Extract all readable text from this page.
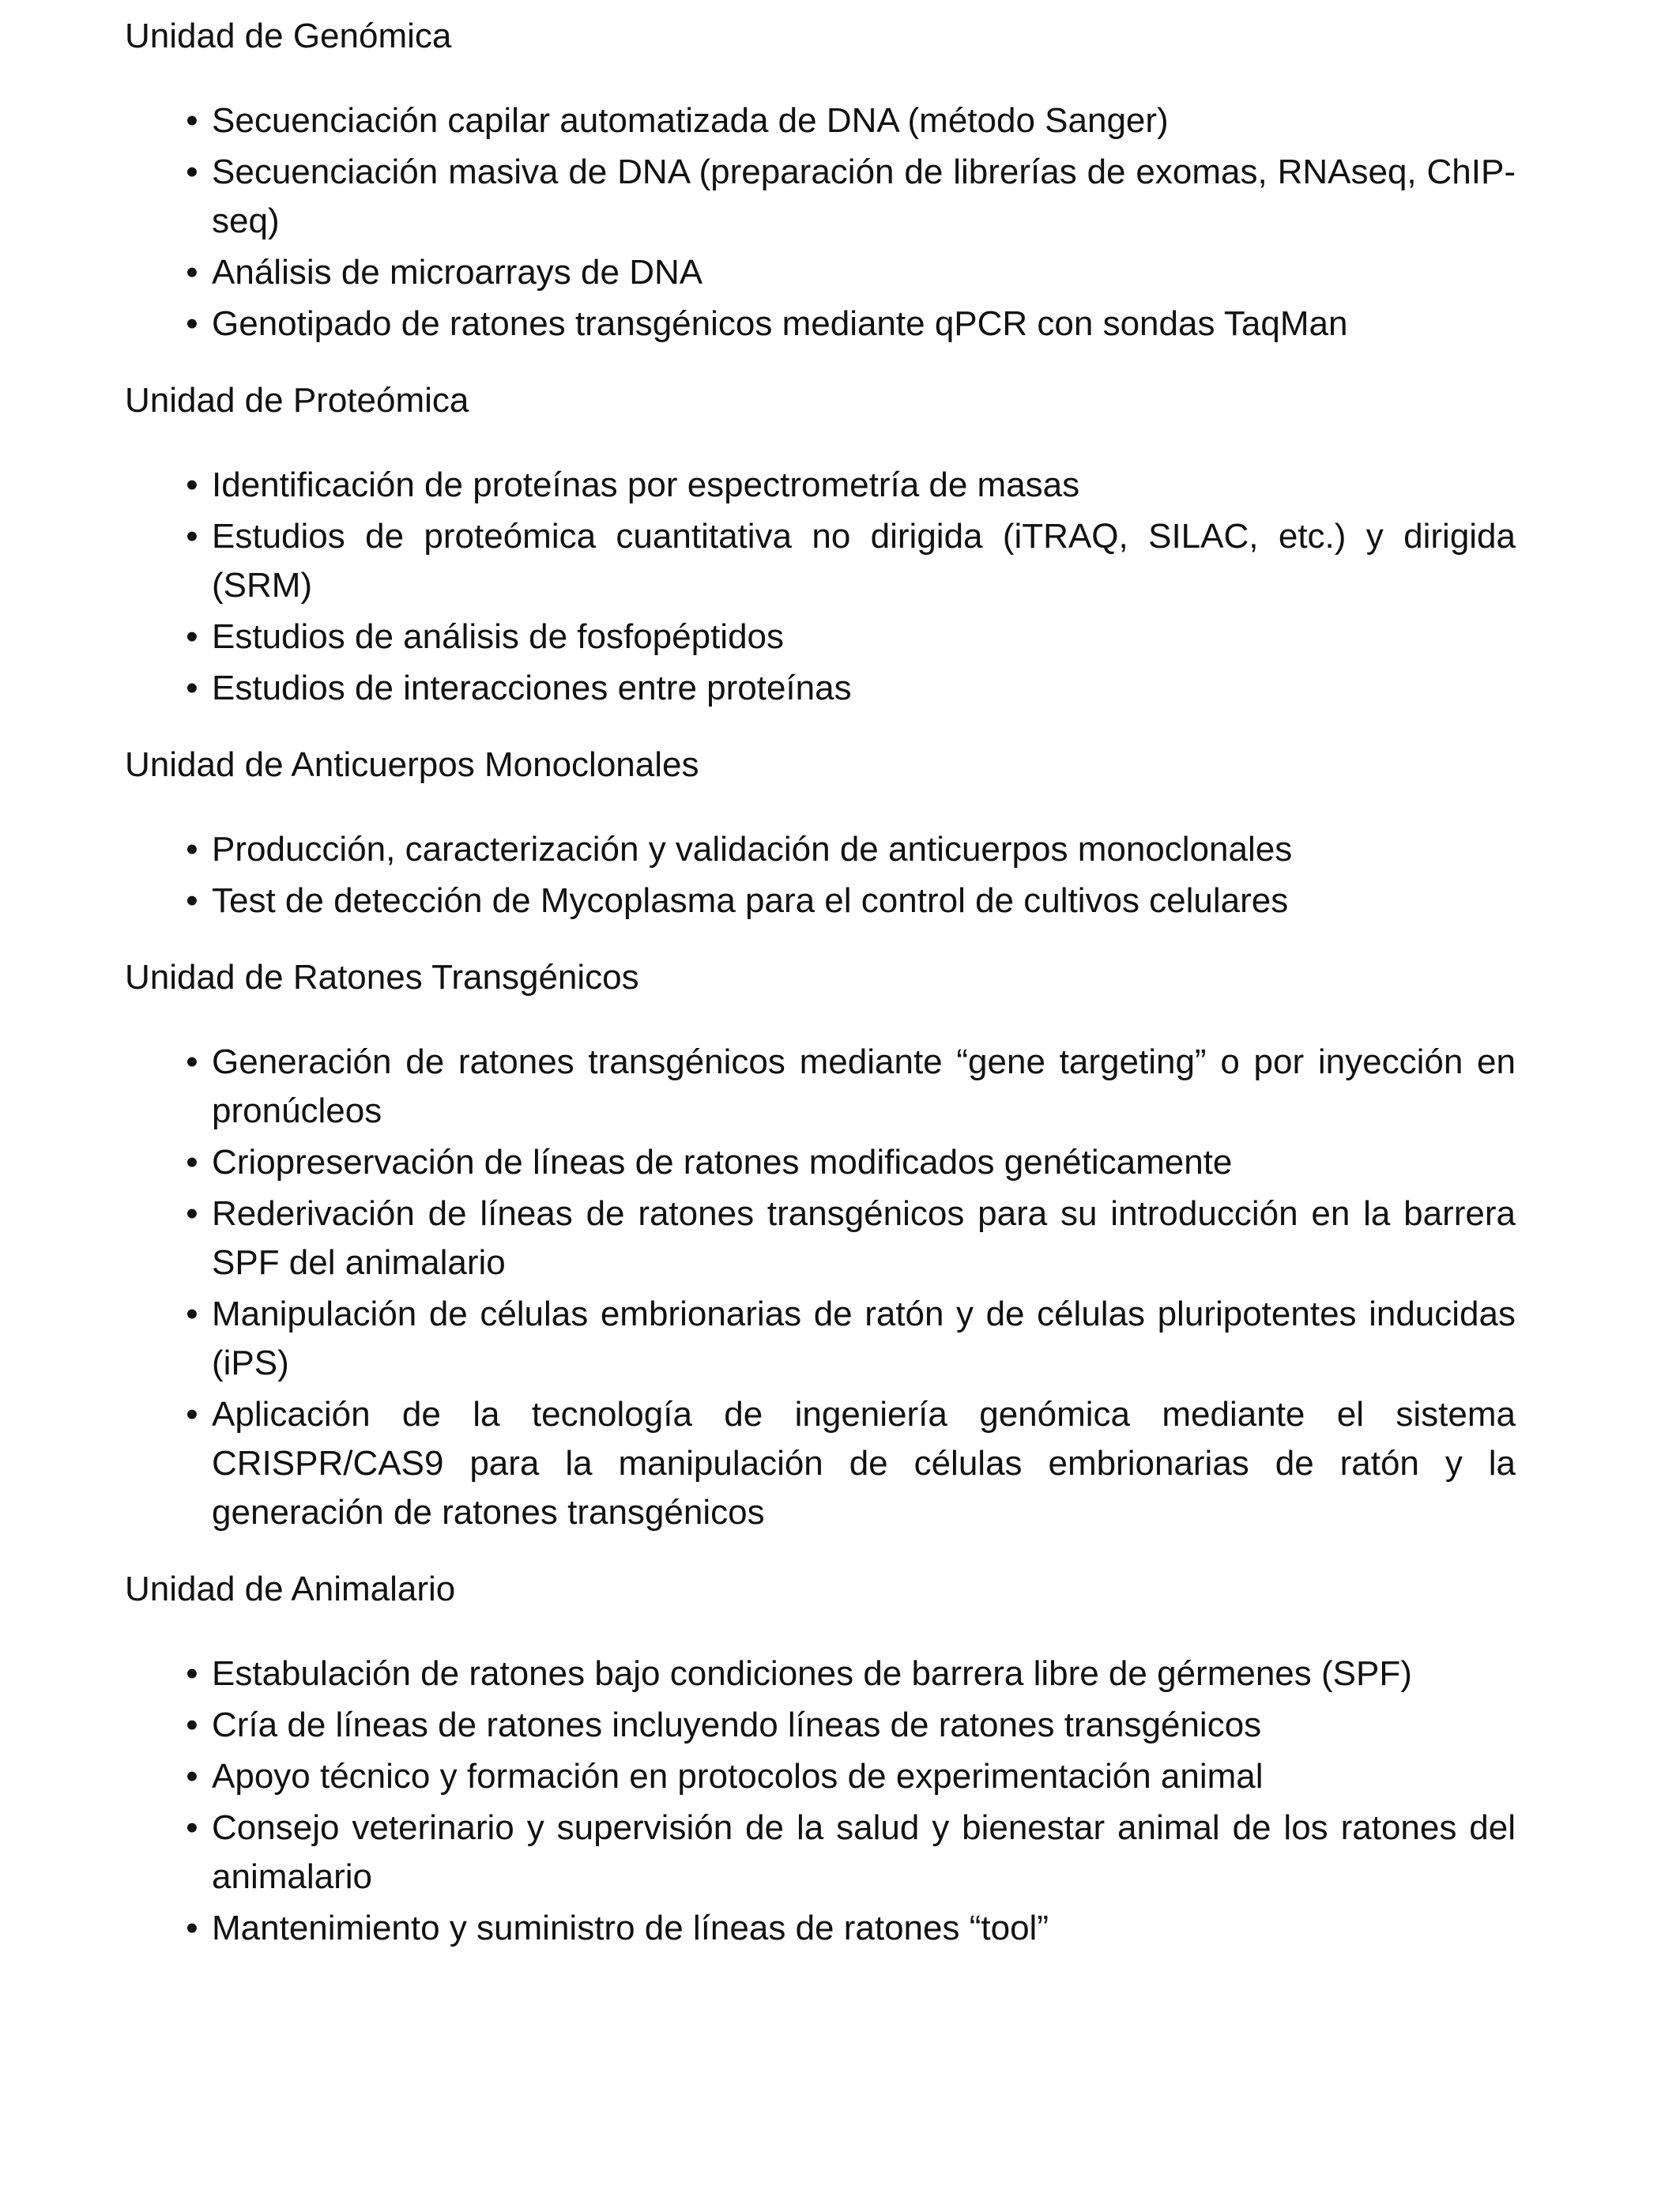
Unidad de Genómica
• Secuenciación capilar automatizada de DNA (método Sanger)
• Secuenciación masiva de DNA (preparación de librerías de exomas, RNAseq, ChIP-seq)
• Análisis de microarrays de DNA
• Genotipado de ratones transgénicos mediante qPCR con sondas TaqMan
Unidad de Proteómica
• Identificación de proteínas por espectrometría de masas
• Estudios de proteómica cuantitativa no dirigida (iTRAQ, SILAC, etc.) y dirigida (SRM)
• Estudios de análisis de fosfopéptidos
• Estudios de interacciones entre proteínas
Unidad de Anticuerpos Monoclonales
• Producción, caracterización y validación de anticuerpos monoclonales
• Test de detección de Mycoplasma para el control de cultivos celulares
Unidad de Ratones Transgénicos
• Generación de ratones transgénicos mediante “gene targeting” o por inyección en pronúcleos
• Criopreservación de líneas de ratones modificados genéticamente
• Rederivación de líneas de ratones transgénicos para su introducción en la barrera SPF del animalario
• Manipulación de células embrionarias de ratón y de células pluripotentes inducidas (iPS)
• Aplicación de la tecnología de ingeniería genómica mediante el sistema CRISPR/CAS9 para la manipulación de células embrionarias de ratón y la generación de ratones transgénicos
Unidad de Animalario
• Estabulación de ratones bajo condiciones de barrera libre de gérmenes (SPF)
• Cría de líneas de ratones incluyendo líneas de ratones transgénicos
• Apoyo técnico y formación en protocolos de experimentación animal
• Consejo veterinario y supervisión de la salud y bienestar animal de los ratones del animalario
• Mantenimiento y suministro de líneas de ratones “tool”
